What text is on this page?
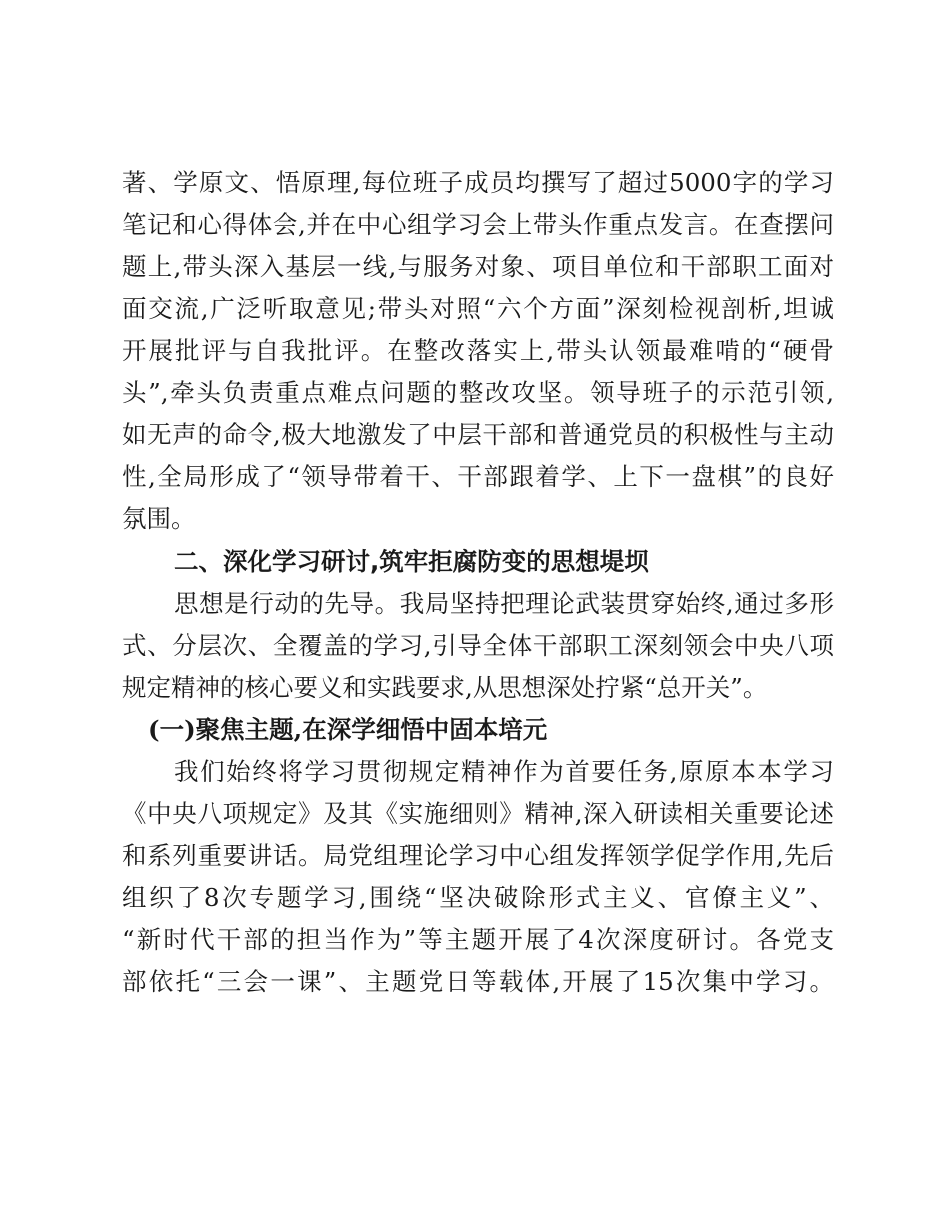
著、学原文、悟原理,每位班子成员均撰写了超过5000字的学习
笔记和心得体会,并在中心组学习会上带头作重点发言。在查摆问
题上,带头深入基层一线,与服务对象、项目单位和干部职工面对
面交流,广泛听取意见;带头对照“六个方面”深刻检视剖析,坦诚
开展批评与自我批评。在整改落实上,带头认领最难啃的“硬骨
头”,牵头负责重点难点问题的整改攻坚。领导班子的示范引领,
如无声的命令,极大地激发了中层干部和普通党员的积极性与主动
性,全局形成了“领导带着干、干部跟着学、上下一盘棋”的良好
氛围。
二、深化学习研讨,筑牢拒腐防变的思想堤坝
思想是行动的先导。我局坚持把理论武装贯穿始终,通过多形
式、分层次、全覆盖的学习,引导全体干部职工深刻领会中央八项
规定精神的核心要义和实践要求,从思想深处拧紧“总开关”。
(一)聚焦主题,在深学细悟中固本培元
我们始终将学习贯彻规定精神作为首要任务,原原本本学习
《中央八项规定》及其《实施细则》精神,深入研读相关重要论述
和系列重要讲话。局党组理论学习中心组发挥领学促学作用,先后
组织了8次专题学习,围绕“坚决破除形式主义、官僚主义”、
“新时代干部的担当作为”等主题开展了4次深度研讨。各党支
部依托“三会一课”、主题党日等载体,开展了15次集中学习。
